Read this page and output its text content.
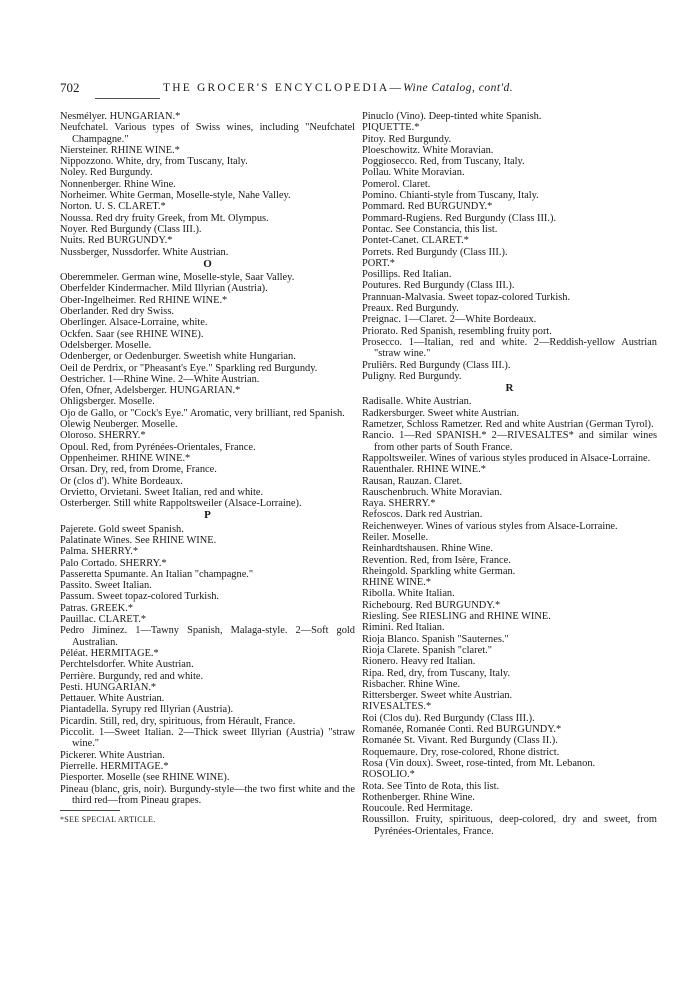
702	THE GROCER'S ENCYCLOPEDIA—Wine Catalog, cont'd.
Nesmélyer. HUNGARIAN.*
Neufchatel. Various types of Swiss wines, including "Neufchatel Champagne."
Niersteiner. RHINE WINE.*
Nippozzono. White, dry, from Tuscany, Italy.
Noley. Red Burgundy.
Nonnenberger. Rhine Wine.
Norheimer. White German, Moselle-style, Nahe Valley.
Norton. U. S. CLARET.*
Noussa. Red dry fruity Greek, from Mt. Olympus.
Noyer. Red Burgundy (Class III.).
Nuits. Red BURGUNDY.*
Nussberger, Nussdorfer. White Austrian.
O
Oberemmeler. German wine, Moselle-style, Saar Valley.
Oberfelder Kindermacher. Mild Illyrian (Austria).
Ober-Ingelheimer. Red RHINE WINE.*
Oberlander. Red dry Swiss.
Oberlinger. Alsace-Lorraine, white.
Ockfen. Saar (see RHINE WINE).
Odelsberger. Moselle.
Odenberger, or Oedenburger. Sweetish white Hungarian.
Oeil de Perdrix, or "Pheasant's Eye." Sparkling red Burgundy.
Oestricher. 1—Rhine Wine. 2—White Austrian.
Ofen, Ofner, Adelsberger. HUNGARIAN.*
Ohligsberger. Moselle.
Ojo de Gallo, or "Cock's Eye." Aromatic, very brilliant, red Spanish.
Olewig Neuberger. Moselle.
Oloroso. SHERRY.*
Opoul. Red, from Pyrénées-Orientales, France.
Oppenheimer. RHINE WINE.*
Orsan. Dry, red, from Drome, France.
Or (clos d'). White Bordeaux.
Orvietto, Orvietani. Sweet Italian, red and white.
Osterberger. Still white Rappoltsweiler (Alsace-Lorraine).
P
Pajerete. Gold sweet Spanish.
Palatinate Wines. See RHINE WINE.
Palma. SHERRY.*
Palo Cortado. SHERRY.*
Passeretta Spumante. An Italian "champagne."
Passito. Sweet Italian.
Passum. Sweet topaz-colored Turkish.
Patras. GREEK.*
Pauillac. CLARET.*
Pedro Jiminez. 1—Tawny Spanish, Malaga-style. 2—Soft gold Australian.
Péléat. HERMITAGE.*
Perchtelsdorfer. White Austrian.
Perrière. Burgundy, red and white.
Pesti. HUNGARIAN.*
Pettauer. White Austrian.
Piantadella. Syrupy red Illyrian (Austria).
Picardin. Still, red, dry, spirituous, from Hérault, France.
Piccolit. 1—Sweet Italian. 2—Thick sweet Illyrian (Austria) "straw wine."
Pickerer. White Austrian.
Pierrelle. HERMITAGE.*
Piesporter. Moselle (see RHINE WINE).
Pineau (blanc, gris, noir). Burgundy-style—the two first white and the third red—from Pineau grapes.
*SEE SPECIAL ARTICLE.
Pinuclo (Vino). Deep-tinted white Spanish.
PIQUETTE.*
Pitoy. Red Burgundy.
Ploeschowitz. White Moravian.
Poggiosecco. Red, from Tuscany, Italy.
Pollau. White Moravian.
Pomerol. Claret.
Pomino. Chianti-style from Tuscany, Italy.
Pommard. Red BURGUNDY.*
Pommard-Rugiens. Red Burgundy (Class III.).
Pontac. See Constancia, this list.
Pontet-Canet. CLARET.*
Porrets. Red Burgundy (Class III.).
PORT.*
Posillips. Red Italian.
Poutures. Red Burgundy (Class III.).
Prannuan-Malvasia. Sweet topaz-colored Turkish.
Preaux. Red Burgundy.
Preignac. 1—Claret. 2—White Bordeaux.
Priorato. Red Spanish, resembling fruity port.
Prosecco. 1—Italian, red and white. 2—Reddish-yellow Austrian "straw wine."
Pruliêrs. Red Burgundy (Class III.).
Puligny. Red Burgundy.
R
Radisalle. White Austrian.
Radkersburger. Sweet white Austrian.
Rametzer, Schloss Rametzer. Red and white Austrian (German Tyrol).
Rancio. 1—Red SPANISH.* 2—RIVESALTES* and similar wines from other parts of South France.
Rappoltsweiler. Wines of various styles produced in Alsace-Lorraine.
Rauenthaler. RHINE WINE.*
Rausan, Rauzan. Claret.
Rauschenbruch. White Moravian.
Raya. SHERRY.*
Refoscos. Dark red Austrian.
Reichenweyer. Wines of various styles from Alsace-Lorraine.
Reiler. Moselle.
Reinhardtshausen. Rhine Wine.
Revention. Red, from Isère, France.
Rheingold. Sparkling white German.
RHINE WINE.*
Ribolla. White Italian.
Richebourg. Red BURGUNDY.*
Riesling. See RIESLING and RHINE WINE.
Rimini. Red Italian.
Rioja Blanco. Spanish "Sauternes."
Rioja Clarete. Spanish "claret."
Rionero. Heavy red Italian.
Ripa. Red, dry, from Tuscany, Italy.
Risbacher. Rhine Wine.
Rittersberger. Sweet white Austrian.
RIVESALTES.*
Roi (Clos du). Red Burgundy (Class III.).
Romanée, Romanée Conti. Red BURGUNDY.*
Romanée St. Vivant. Red Burgundy (Class II.).
Roquemaure. Dry, rose-colored, Rhone district.
Rosa (Vin doux). Sweet, rose-tinted, from Mt. Lebanon.
ROSOLIO.*
Rota. See Tinto de Rota, this list.
Rothenberger. Rhine Wine.
Roucoule. Red Hermitage.
Roussillon. Fruity, spirituous, deep-colored, dry and sweet, from Pyrénées-Orientales, France.
